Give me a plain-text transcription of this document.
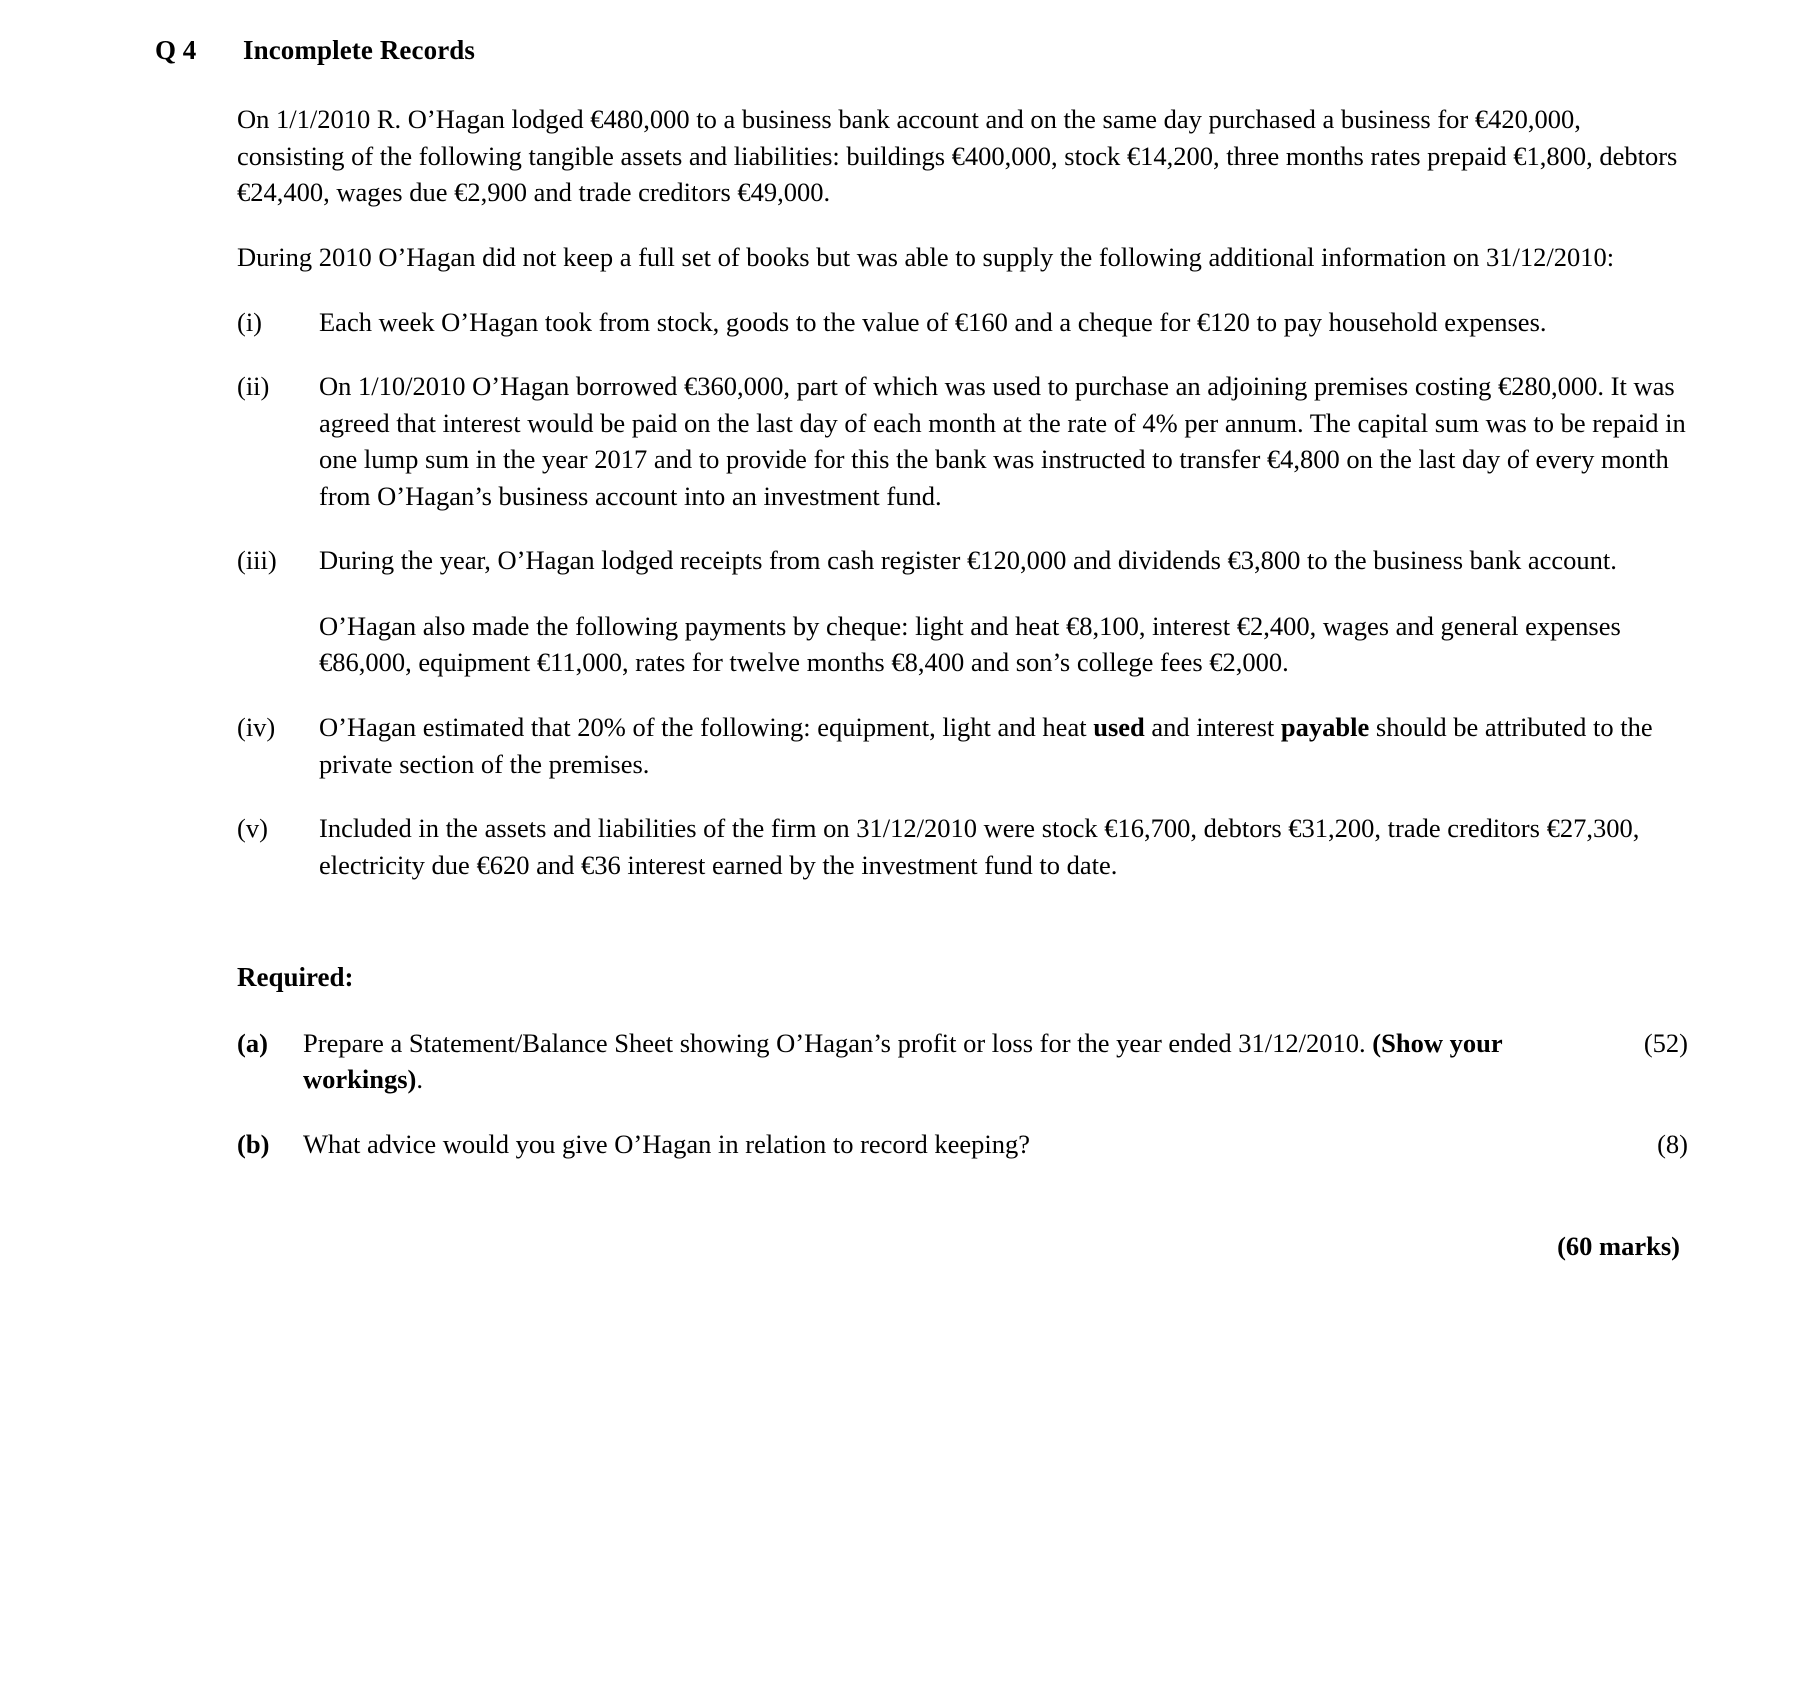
Q 4	Incomplete Records

On 1/1/2010 R. O’Hagan lodged €480,000 to a business bank account and on the same day purchased a business for €420,000, consisting of the following tangible assets and liabilities: buildings €400,000, stock €14,200, three months rates prepaid €1,800, debtors €24,400, wages due €2,900 and trade creditors €49,000.

During 2010 O’Hagan did not keep a full set of books but was able to supply the following additional information on 31/12/2010:

(i)	Each week O’Hagan took from stock, goods to the value of €160 and a cheque for €120 to pay household expenses.

(ii)	On 1/10/2010 O’Hagan borrowed €360,000, part of which was used to purchase an adjoining premises costing €280,000. It was agreed that interest would be paid on the last day of each month at the rate of 4% per annum. The capital sum was to be repaid in one lump sum in the year 2017 and to provide for this the bank was instructed to transfer €4,800 on the last day of every month from O’Hagan’s business account into an investment fund.

(iii)	During the year, O’Hagan lodged receipts from cash register €120,000 and dividends €3,800 to the business bank account.

O’Hagan also made the following payments by cheque: light and heat €8,100, interest €2,400, wages and general expenses €86,000, equipment €11,000, rates for twelve months €8,400 and son’s college fees €2,000.

(iv)	O’Hagan estimated that 20% of the following: equipment, light and heat used and interest payable should be attributed to the private section of the premises.

(v)	Included in the assets and liabilities of the firm on 31/12/2010 were stock €16,700, debtors €31,200, trade creditors €27,300, electricity due €620 and €36 interest earned by the investment fund to date.

Required:

(a)	Prepare a Statement/Balance Sheet showing O’Hagan’s profit or loss for the year ended 31/12/2010. (Show your workings).
(52)
(b)	What advice would you give O’Hagan in relation to record keeping?	(8)
(60 marks)
